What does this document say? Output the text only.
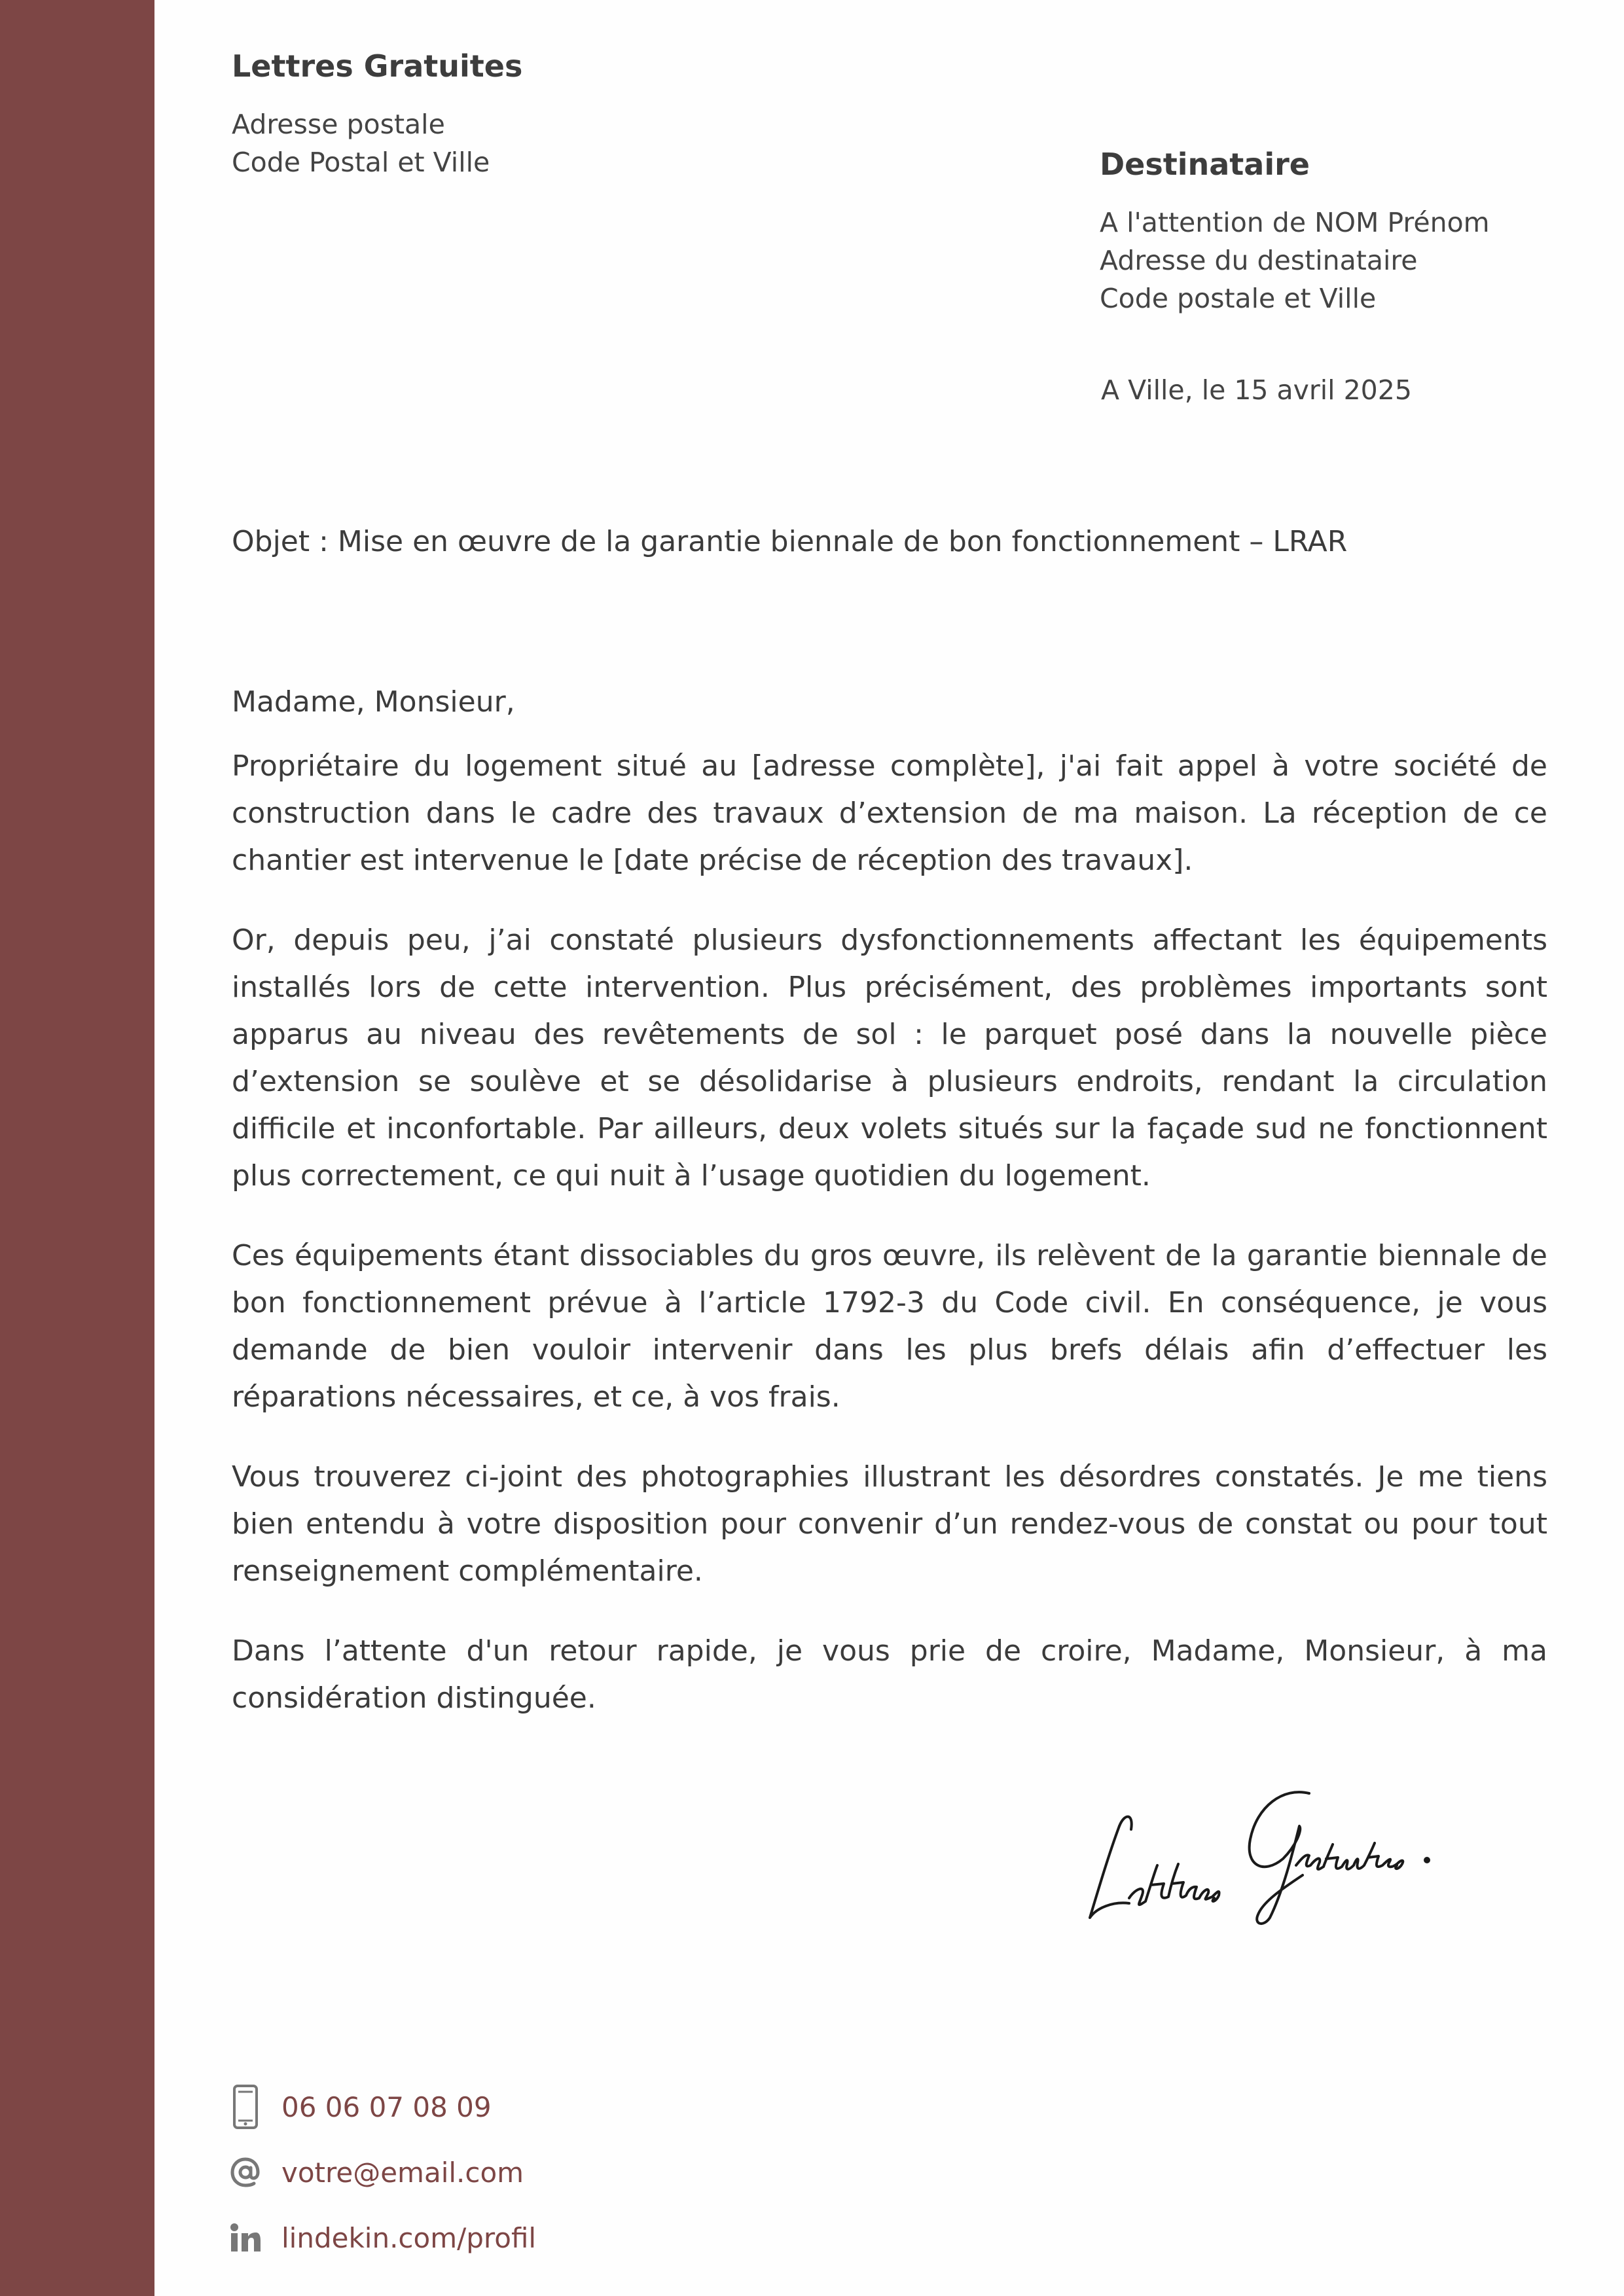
Lettres Gratuites
Adresse postale
Code Postal et Ville	Destinataire
A l'attention de NOM Prénom
Adresse du destinataire
Code postale et Ville
A Ville, le 15 avril 2025
Objet : Mise en œuvre de la garantie biennale de bon fonctionnement – LRAR

Madame, Monsieur,

Propriétaire du logement situé au [adresse complète], j'ai fait appel à votre société de construction dans le cadre des travaux d’extension de ma maison. La réception de ce chantier est intervenue le [date précise de réception des travaux].

Or, depuis peu, j’ai constaté plusieurs dysfonctionnements affectant les équipements installés lors de cette intervention. Plus précisément, des problèmes importants sont apparus au niveau des revêtements de sol : le parquet posé dans la nouvelle pièce d’extension se soulève et se désolidarise à plusieurs endroits, rendant la circulation difficile et inconfortable. Par ailleurs, deux volets situés sur la façade sud ne fonctionnent plus correctement, ce qui nuit à l’usage quotidien du logement.

Ces équipements étant dissociables du gros œuvre, ils relèvent de la garantie biennale de bon fonctionnement prévue à l’article 1792-3 du Code civil. En conséquence, je vous demande de bien vouloir intervenir dans les plus brefs délais afin d’effectuer les réparations nécessaires, et ce, à vos frais.

Vous trouverez ci-joint des photographies illustrant les désordres constatés. Je me tiens bien entendu à votre disposition pour convenir d’un rendez-vous de constat ou pour tout renseignement complémentaire.

Dans l’attente d'un retour rapide, je vous prie de croire, Madame, Monsieur, à ma considération distinguée.

06 06 07 08 09
votre@email.com
lindekin.com/profil
